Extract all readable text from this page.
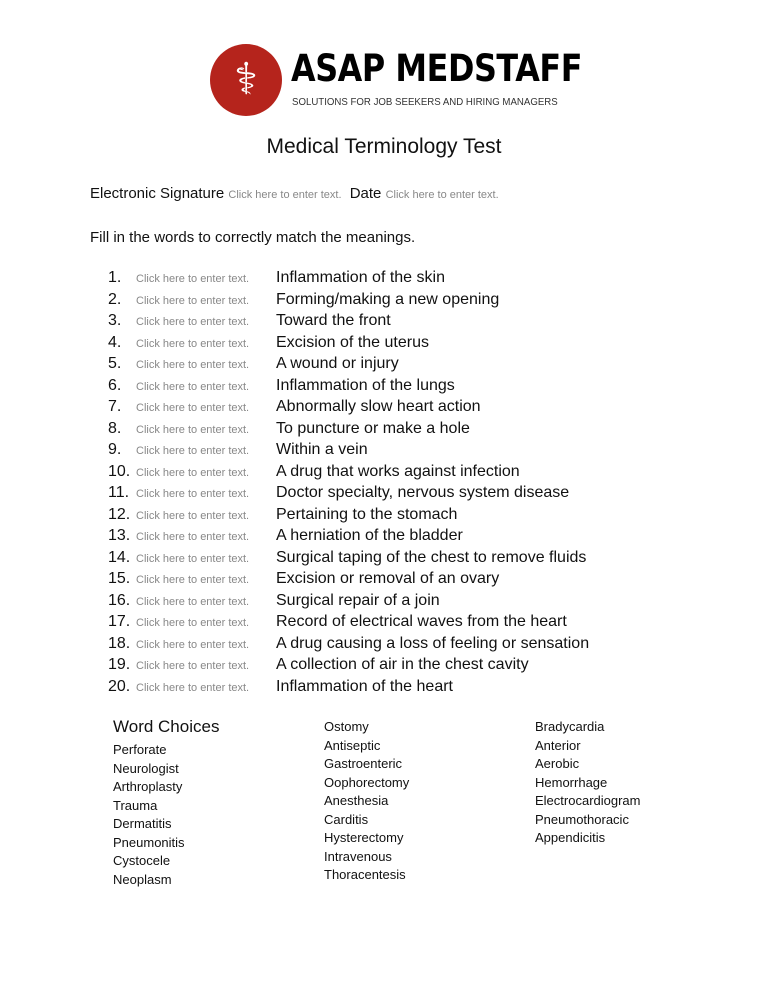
⚕ ASAP MEDSTAFF
SOLUTIONS FOR JOB SEEKERS AND HIRING MANAGERS
Medical Terminology Test
Electronic Signature Click here to enter text. Date Click here to enter text.
Fill in the words to correctly match the meanings.
1. Click here to enter text. Inflammation of the skin
2. Click here to enter text. Forming/making a new opening
3. Click here to enter text. Toward the front
4. Click here to enter text. Excision of the uterus
5. Click here to enter text. A wound or injury
6. Click here to enter text. Inflammation of the lungs
7. Click here to enter text. Abnormally slow heart action
8. Click here to enter text. To puncture or make a hole
9. Click here to enter text. Within a vein
10. Click here to enter text. A drug that works against infection
11. Click here to enter text. Doctor specialty, nervous system disease
12. Click here to enter text. Pertaining to the stomach
13. Click here to enter text. A herniation of the bladder
14. Click here to enter text. Surgical taping of the chest to remove fluids
15. Click here to enter text. Excision or removal of an ovary
16. Click here to enter text. Surgical repair of a join
17. Click here to enter text. Record of electrical waves from the heart
18. Click here to enter text. A drug causing a loss of feeling or sensation
19. Click here to enter text. A collection of air in the chest cavity
20. Click here to enter text. Inflammation of the heart
Word Choices
Perforate
Neurologist
Arthroplasty
Trauma
Dermatitis
Pneumonitis
Cystocele
Neoplasm
Ostomy
Antiseptic
Gastroenteric
Oophorectomy
Anesthesia
Carditis
Hysterectomy
Intravenous
Thoracentesis
Bradycardia
Anterior
Aerobic
Hemorrhage
Electrocardiogram
Pneumothoracic
Appendicitis
